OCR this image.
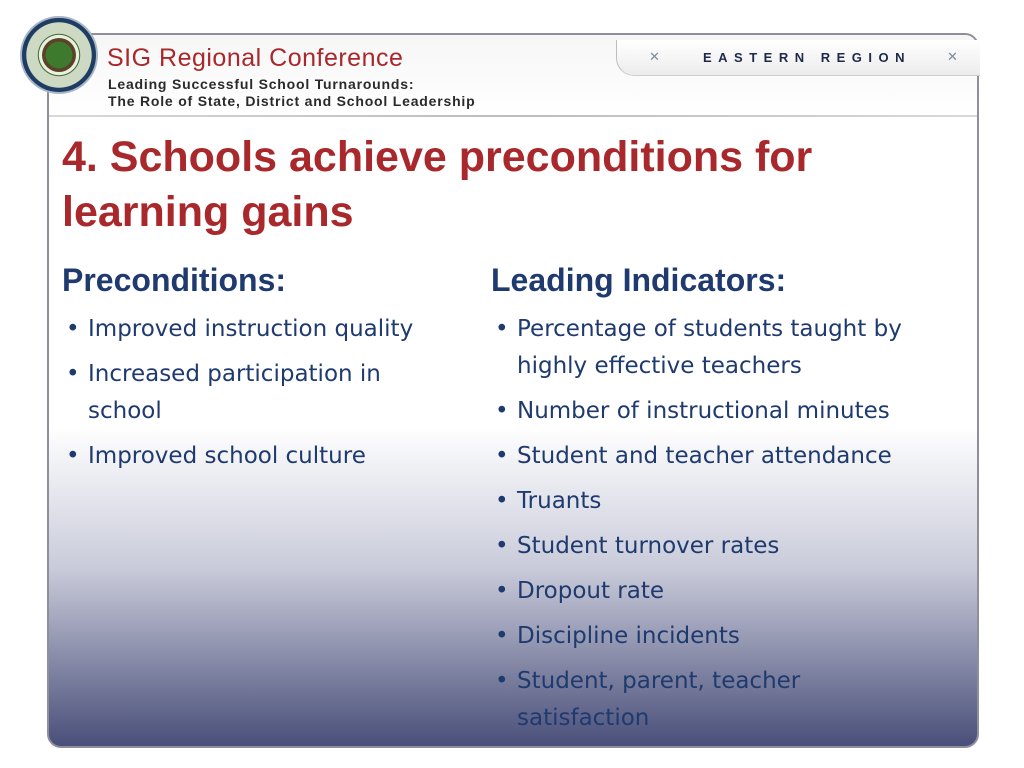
SIG Regional Conference
Leading Successful School Turnarounds:
The Role of State, District and School Leadership
✕	EASTERN REGION	✕
4. Schools achieve preconditions for learning gains
Preconditions:
• Improved instruction quality
• Increased participation in school
• Improved school culture
Leading Indicators:
• Percentage of students taught by highly effective teachers
• Number of instructional minutes
• Student and teacher attendance
• Truants
• Student turnover rates
• Dropout rate
• Discipline incidents
• Student, parent, teacher satisfaction
